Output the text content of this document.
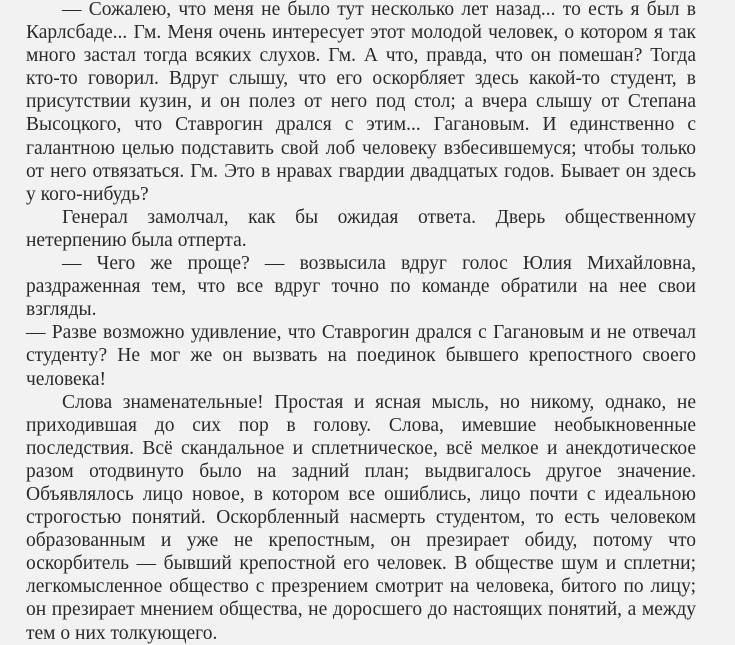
— Сожалею, что меня не было тут несколько лет назад... то есть я был в Карлсбаде... Гм. Меня очень интересует этот молодой человек, о котором я так много застал тогда всяких слухов. Гм. А что, правда, что он помешан? Тогда кто-то говорил. Вдруг слышу, что его оскорбляет здесь какой-то студент, в присутствии кузин, и он полез от него под стол; а вчера слышу от Степана Высоцкого, что Ставрогин дрался с этим... Гагановым. И единственно с галантною целью подставить свой лоб человеку взбесившемуся; чтобы только от него отвязаться. Гм. Это в нравах гвардии двадцатых годов. Бывает он здесь у кого-нибудь?

Генерал замолчал, как бы ожидая ответа. Дверь общественному нетерпению была отперта.

— Чего же проще? — возвысила вдруг голос Юлия Михайловна, раздраженная тем, что все вдруг точно по команде обратили на нее свои взгляды.

— Разве возможно удивление, что Ставрогин дрался с Гагановым и не отвечал студенту? Не мог же он вызвать на поединок бывшего крепостного своего человека!

Слова знаменательные! Простая и ясная мысль, но никому, однако, не приходившая до сих пор в голову. Слова, имевшие необыкновенные последствия. Всё скандальное и сплетническое, всё мелкое и анекдотическое разом отодвинуто было на задний план; выдвигалось другое значение. Объявлялось лицо новое, в котором все ошиблись, лицо почти с идеальною строгостью понятий. Оскорбленный насмерть студентом, то есть человеком образованным и уже не крепостным, он презирает обиду, потому что оскорбитель — бывший крепостной его человек. В обществе шум и сплетни; легкомысленное общество с презрением смотрит на человека, битого по лицу; он презирает мнением общества, не доросшего до настоящих понятий, а между тем о них толкующего.
